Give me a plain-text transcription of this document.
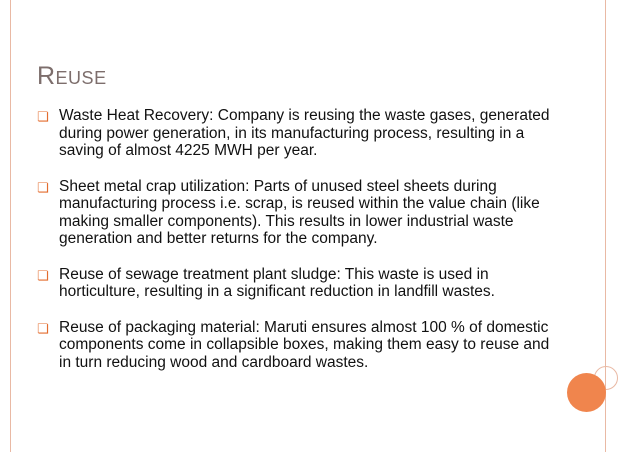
Reuse
❏ Waste Heat Recovery: Company is reusing the waste gases, generated during power generation, in its manufacturing process, resulting in a saving of almost 4225 MWH per year.
❏ Sheet metal crap utilization: Parts of unused steel sheets during manufacturing process i.e. scrap, is reused within the value chain (like making smaller components). This results in lower industrial waste generation and better returns for the company.
❏ Reuse of sewage treatment plant sludge: This waste is used in horticulture, resulting in a significant reduction in landfill wastes.
❏ Reuse of packaging material: Maruti ensures almost 100 % of domestic components come in collapsible boxes, making them easy to reuse and in turn reducing wood and cardboard wastes.
